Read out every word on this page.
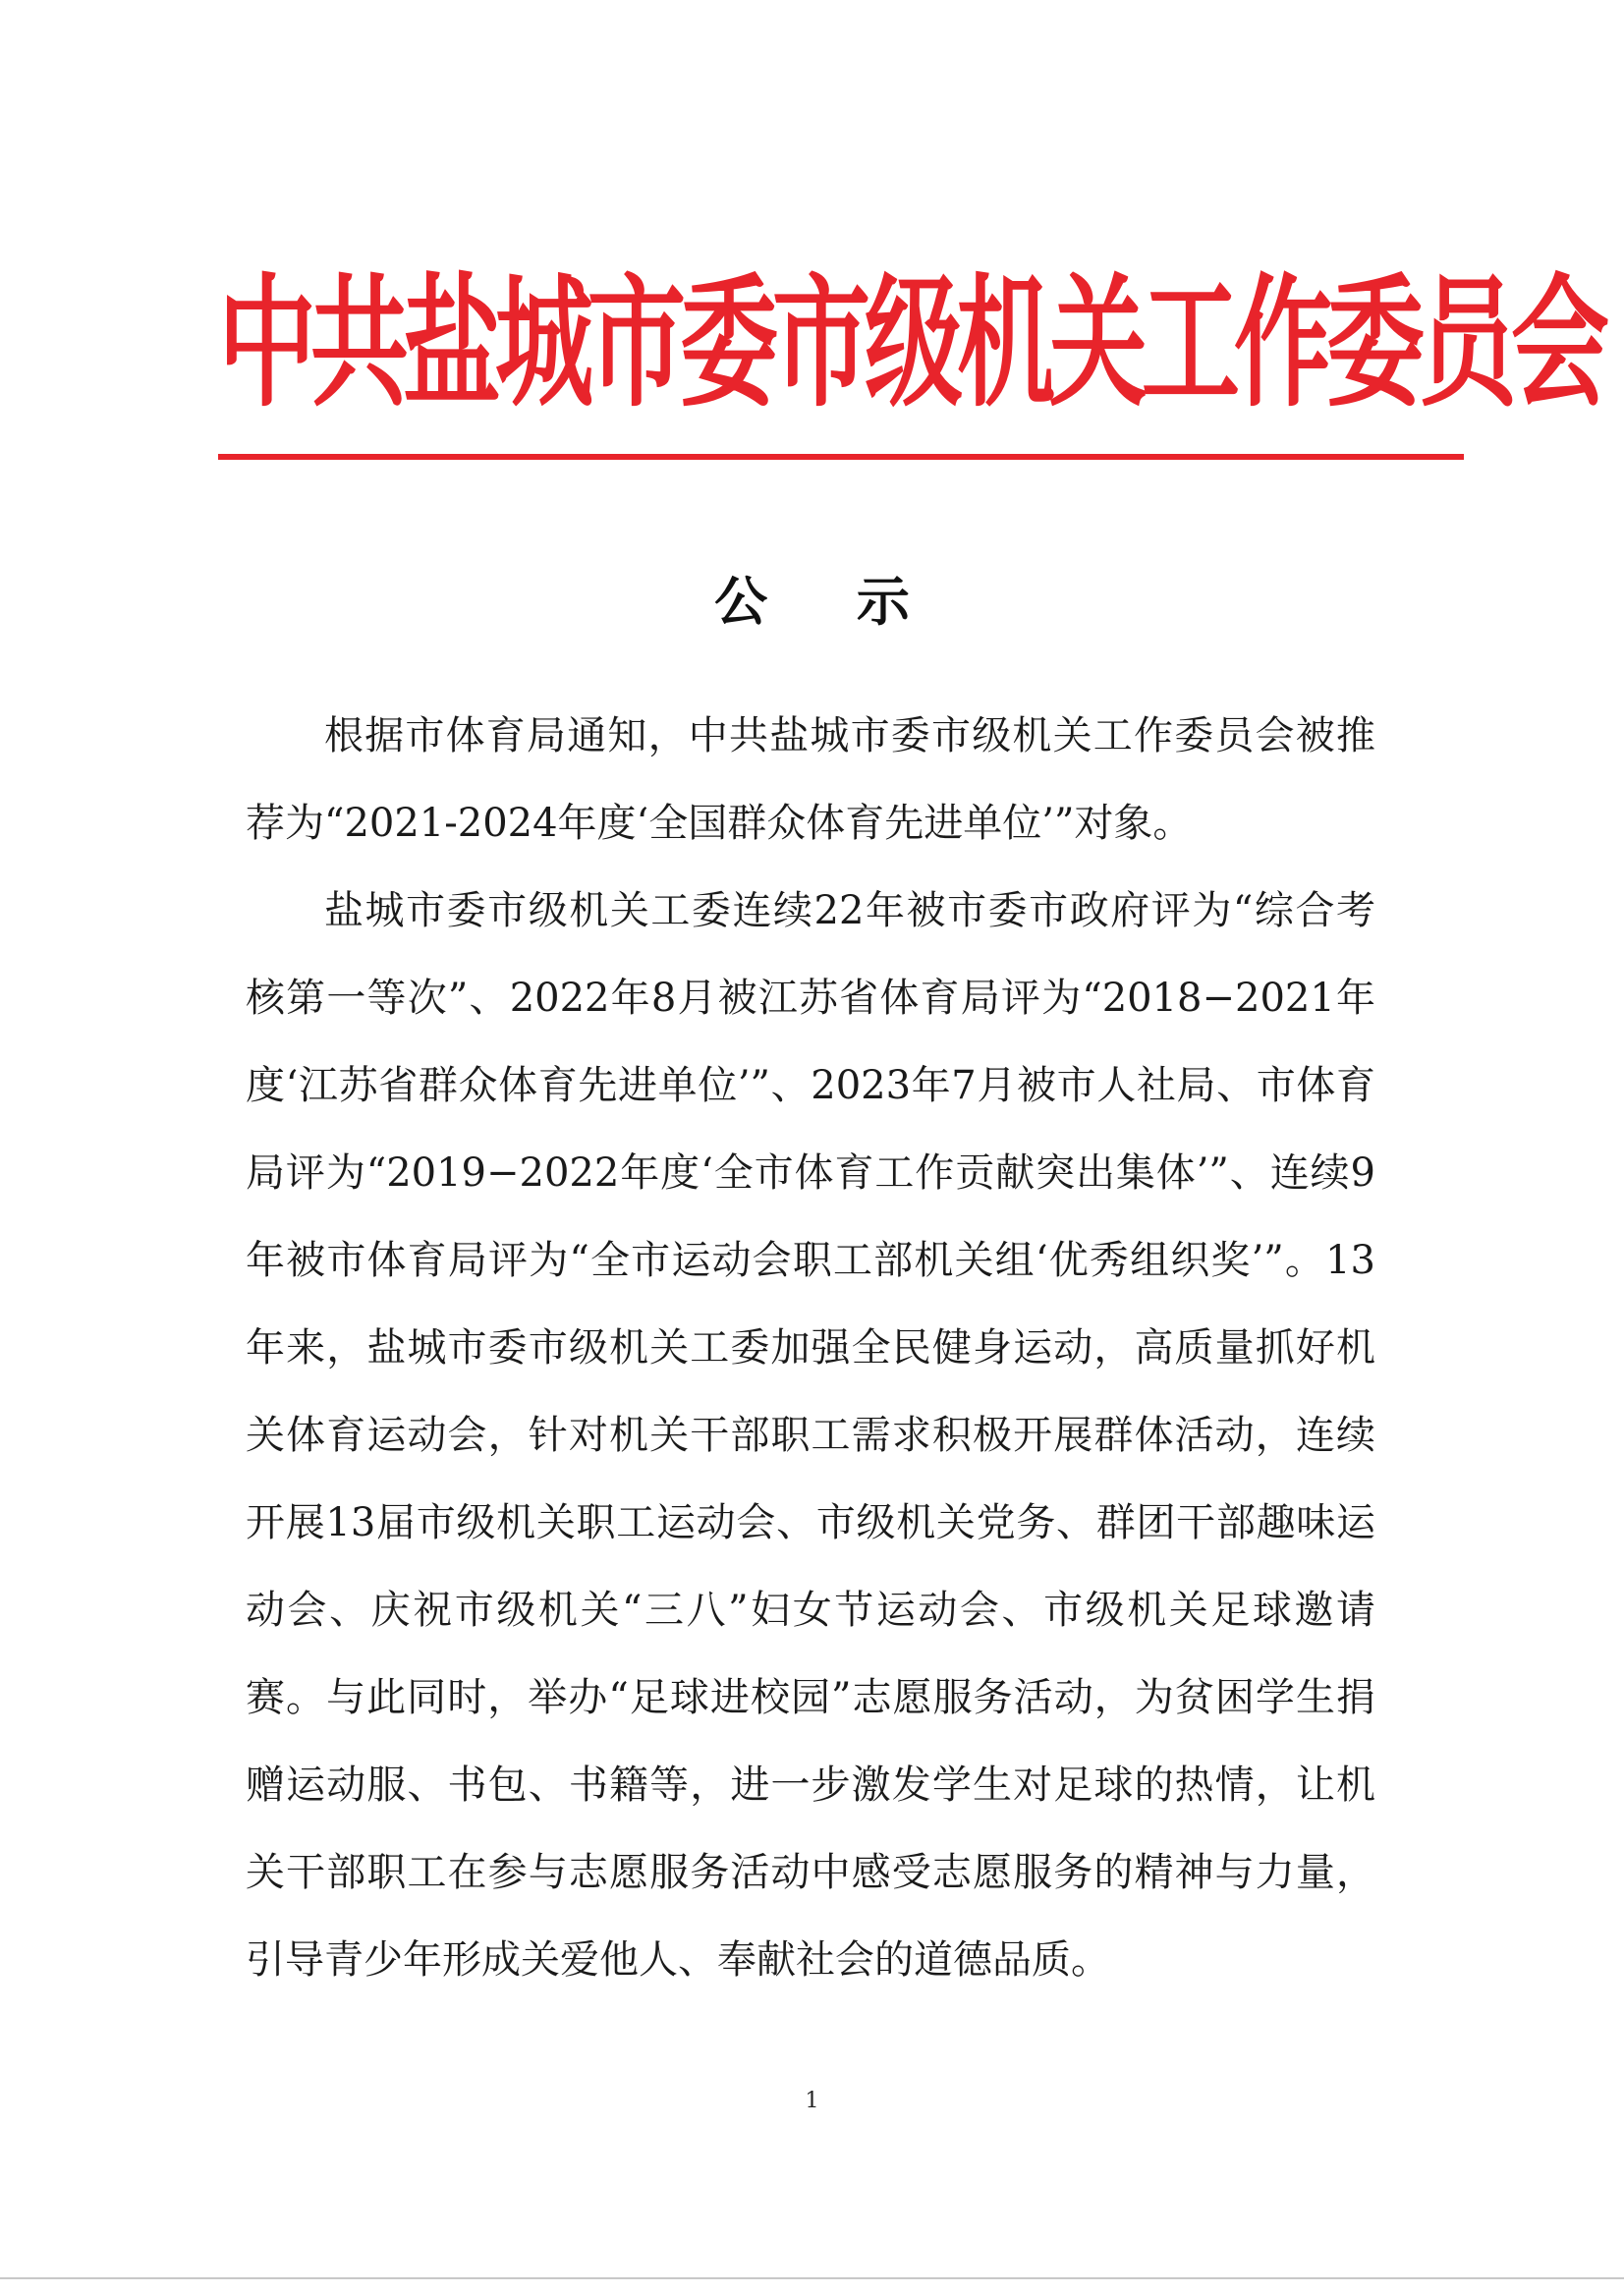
中共盐城市委市级机关工作委员会
公 示

根据市体育局通知，中共盐城市委市级机关工作委员会被推荐为“2021-2024年度‘全国群众体育先进单位’”对象。

盐城市委市级机关工委连续22年被市委市政府评为“综合考核第一等次”、2022年8月被江苏省体育局评为“2018−2021年度‘江苏省群众体育先进单位’”、2023年7月被市人社局、市体育局评为“2019−2022年度‘全市体育工作贡献突出集体’”、连续9年被市体育局评为“全市运动会职工部机关组‘优秀组织奖’”。13年来，盐城市委市级机关工委加强全民健身运动，高质量抓好机关体育运动会，针对机关干部职工需求积极开展群体活动，连续开展13届市级机关职工运动会、市级机关党务、群团干部趣味运动会、庆祝市级机关“三八”妇女节运动会、市级机关足球邀请赛。与此同时，举办“足球进校园”志愿服务活动，为贫困学生捐赠运动服、书包、书籍等，进一步激发学生对足球的热情，让机关干部职工在参与志愿服务活动中感受志愿服务的精神与力量，引导青少年形成关爱他人、奉献社会的道德品质。

1
